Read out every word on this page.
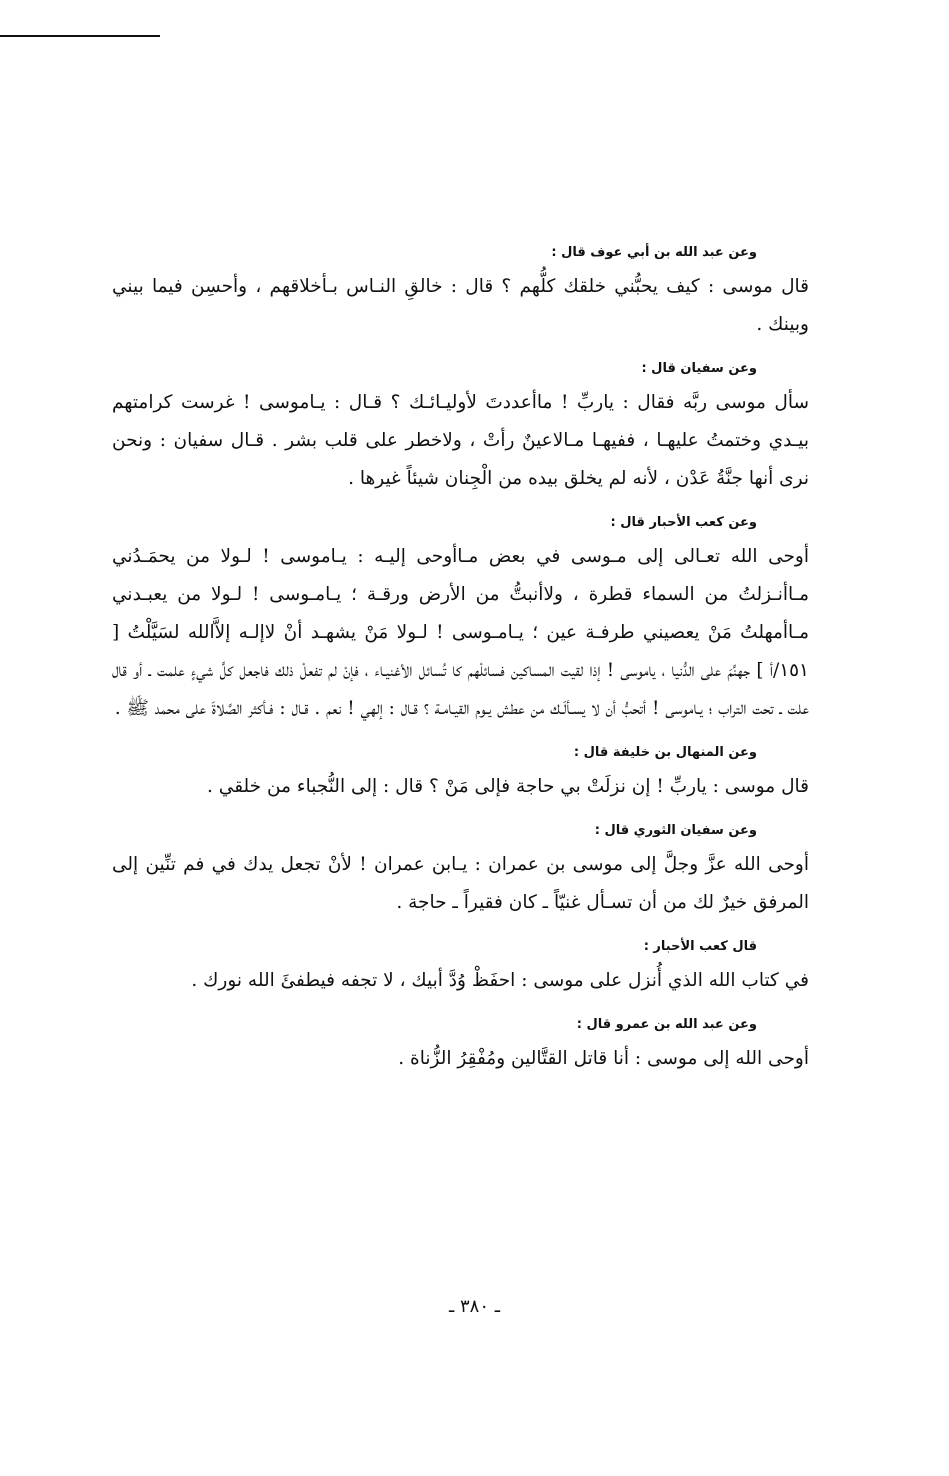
وعن عبد الله بن أبي عوف قال :

قال موسى : كيف يحبُّني خلقك كلُّهم ؟ قال : خالقِ النـاس بـأخلاقهم ، وأحسِن فيما بيني وبينك .

وعن سفيان قال :

سأل موسى ربَّه فقال : ياربِّ ! ماأعددتَ لأوليـائـك ؟ قـال : يـاموسى ! غرست كرامتهم بيـدي وختمتُ عليهـا ، ففيهـا مـالاعينٌ رأتْ ، ولاخطر على قلب بشر . قـال سفيان : ونحن نرى أنها جنَّةُ عَدْن ، لأنه لم يخلق بيده من الْجِنان شيئاً غيرها .

وعن كعب الأحبار قال :

أوحى الله تعـالى إلى مـوسى في بعض مـاأوحى إليـه : يـاموسى ! لـولا من يحمَـدُني مـاأنـزلتُ من السماء قطرة ، ولاأنبتُّ من الأرض ورقـة ؛ يـامـوسى ! لـولا من يعبـدني مـاأمهلتُ مَنْ يعصيني طرفـة عين ؛ يـامـوسى ! لـولا مَنْ يشهـد أنْ لاإلـه إلاَّالله لسَيَّلْتُ [ ١٥١/أ ] جهنَّمَ على الدُّنيا ، ياموسى ! إذا لقيت المساكين فسائلْهم كا تُسائل الأغنيـاء ، فإنْ لم تفعلْ ذلك فاجعل كلَّ شيءٍ علمت ـ أو قال علت ـ تحت التراب ؛ يـاموسى ! أتحبُّ أن لا يسـألَـك من عطش يـوم القيـامـة ؟ قـال : إلهي ! نعم . قـال : فـأكثر الصَّلاةَ على محمد ﷺ .

وعن المنهال بن خليفة قال :

قال موسى : ياربِّ ! إن نزلَتْ بي حاجة فإلى مَنْ ؟ قال : إلى النُّجباء من خلقي .

وعن سفيان الثوري قال :

أوحى الله عزَّ وجلَّ إلى موسى بن عمران : يـابن عمران ! لأنْ تجعل يدك في فم تنِّين إلى المرفق خيرٌ لك من أن تسـأل غنيّاً ـ كان فقيراً ـ حاجة .

قال كعب الأحبار :

في كتاب الله الذي أُنزل على موسى : احفَظْ وُدَّ أبيك ، لا تجفه فيطفئَ الله نورك .

وعن عبد الله بن عمرو قال :

أوحى الله إلى موسى : أنا قاتل القتَّالين ومُفْقِرُ الزُّناة .

ـ ٣٨٠ ـ
